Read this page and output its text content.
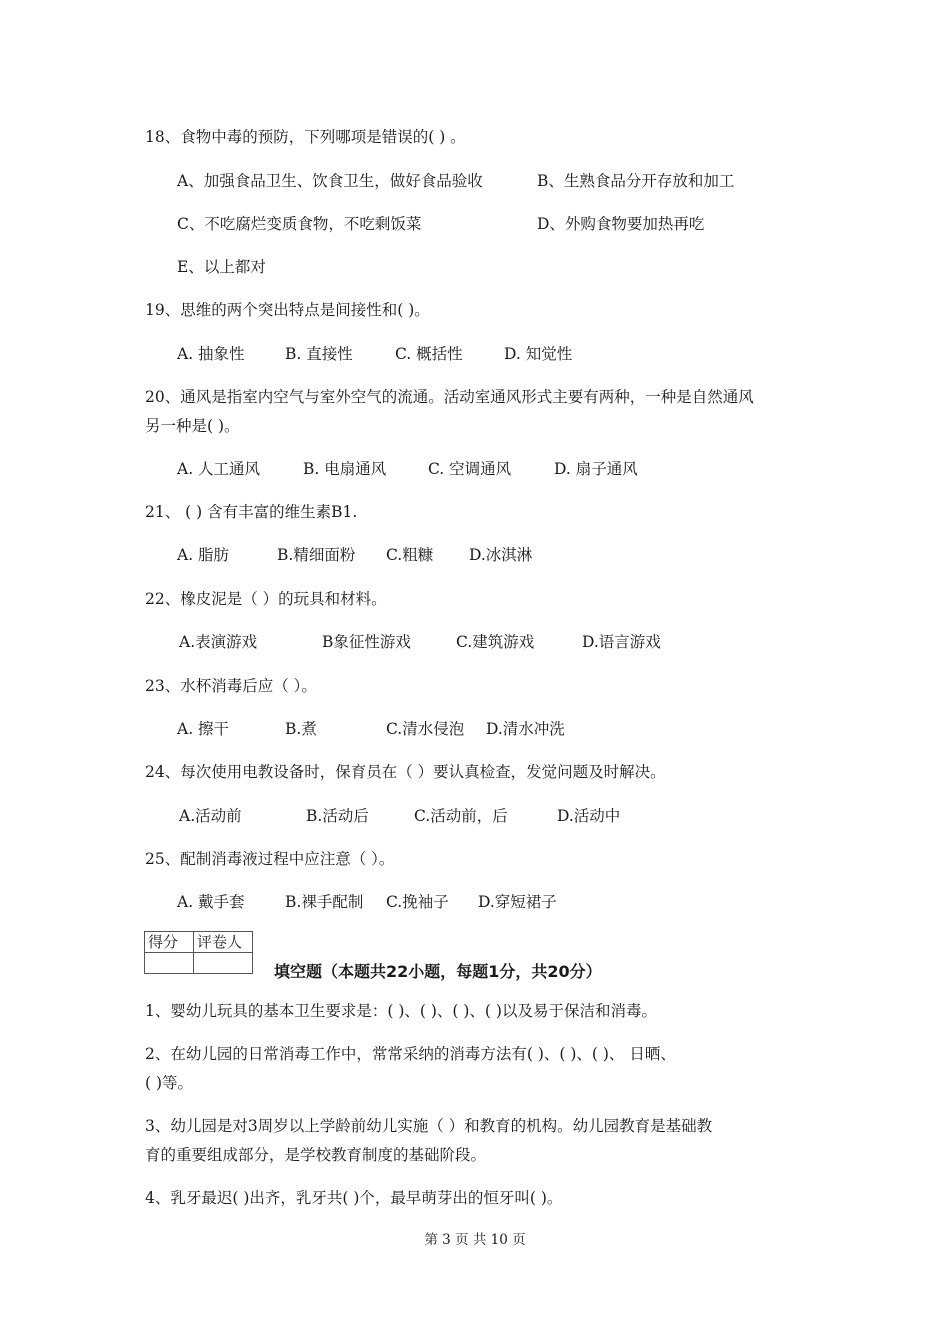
18、食物中毒的预防，下列哪项是错误的( ) 。
A、加强食品卫生、饮食卫生，做好食品验收	B、生熟食品分开存放和加工
C、不吃腐烂变质食物，不吃剩饭菜	D、外购食物要加热再吃
E、以上都对
19、思维的两个突出特点是间接性和( )。
A. 抽象性	B. 直接性	C. 概括性	D. 知觉性
20、通风是指室内空气与室外空气的流通。活动室通风形式主要有两种，一种是自然通风
另一种是( )。
A. 人工通风	B. 电扇通风	C. 空调通风	D. 扇子通风
21、 ( ) 含有丰富的维生素B1.
A. 脂肪	B.精细面粉 C.粗糠 D.冰淇淋
22、橡皮泥是（ ）的玩具和材料。
A.表演游戏	B象征性游戏	C.建筑游戏	D.语言游戏
23、水杯消毒后应（ ）。
A. 擦干	B.煮	C.清水侵泡 D.清水冲洗
24、每次使用电教设备时，保育员在（ ）要认真检查，发觉问题及时解决。
A.活动前	B.活动后	C.活动前，后	D.活动中
25、配制消毒液过程中应注意（ ）。
A. 戴手套	B.裸手配制 C.挽袖子 D.穿短裙子
得分	评卷人

填空题（本题共22小题，每题1分，共20分）
1、婴幼儿玩具的基本卫生要求是：( )、( )、( )、( )以及易于保洁和消毒。
2、在幼儿园的日常消毒工作中，常常采纳的消毒方法有( )、( )、( )、 日晒、
( )等。
3、幼儿园是对3周岁以上学龄前幼儿实施（ ）和教育的机构。幼儿园教育是基础教
育的重要组成部分，是学校教育制度的基础阶段。
4、乳牙最迟( )出齐，乳牙共( )个，最早萌芽出的恒牙叫( )。
第 3 页 共 10 页
